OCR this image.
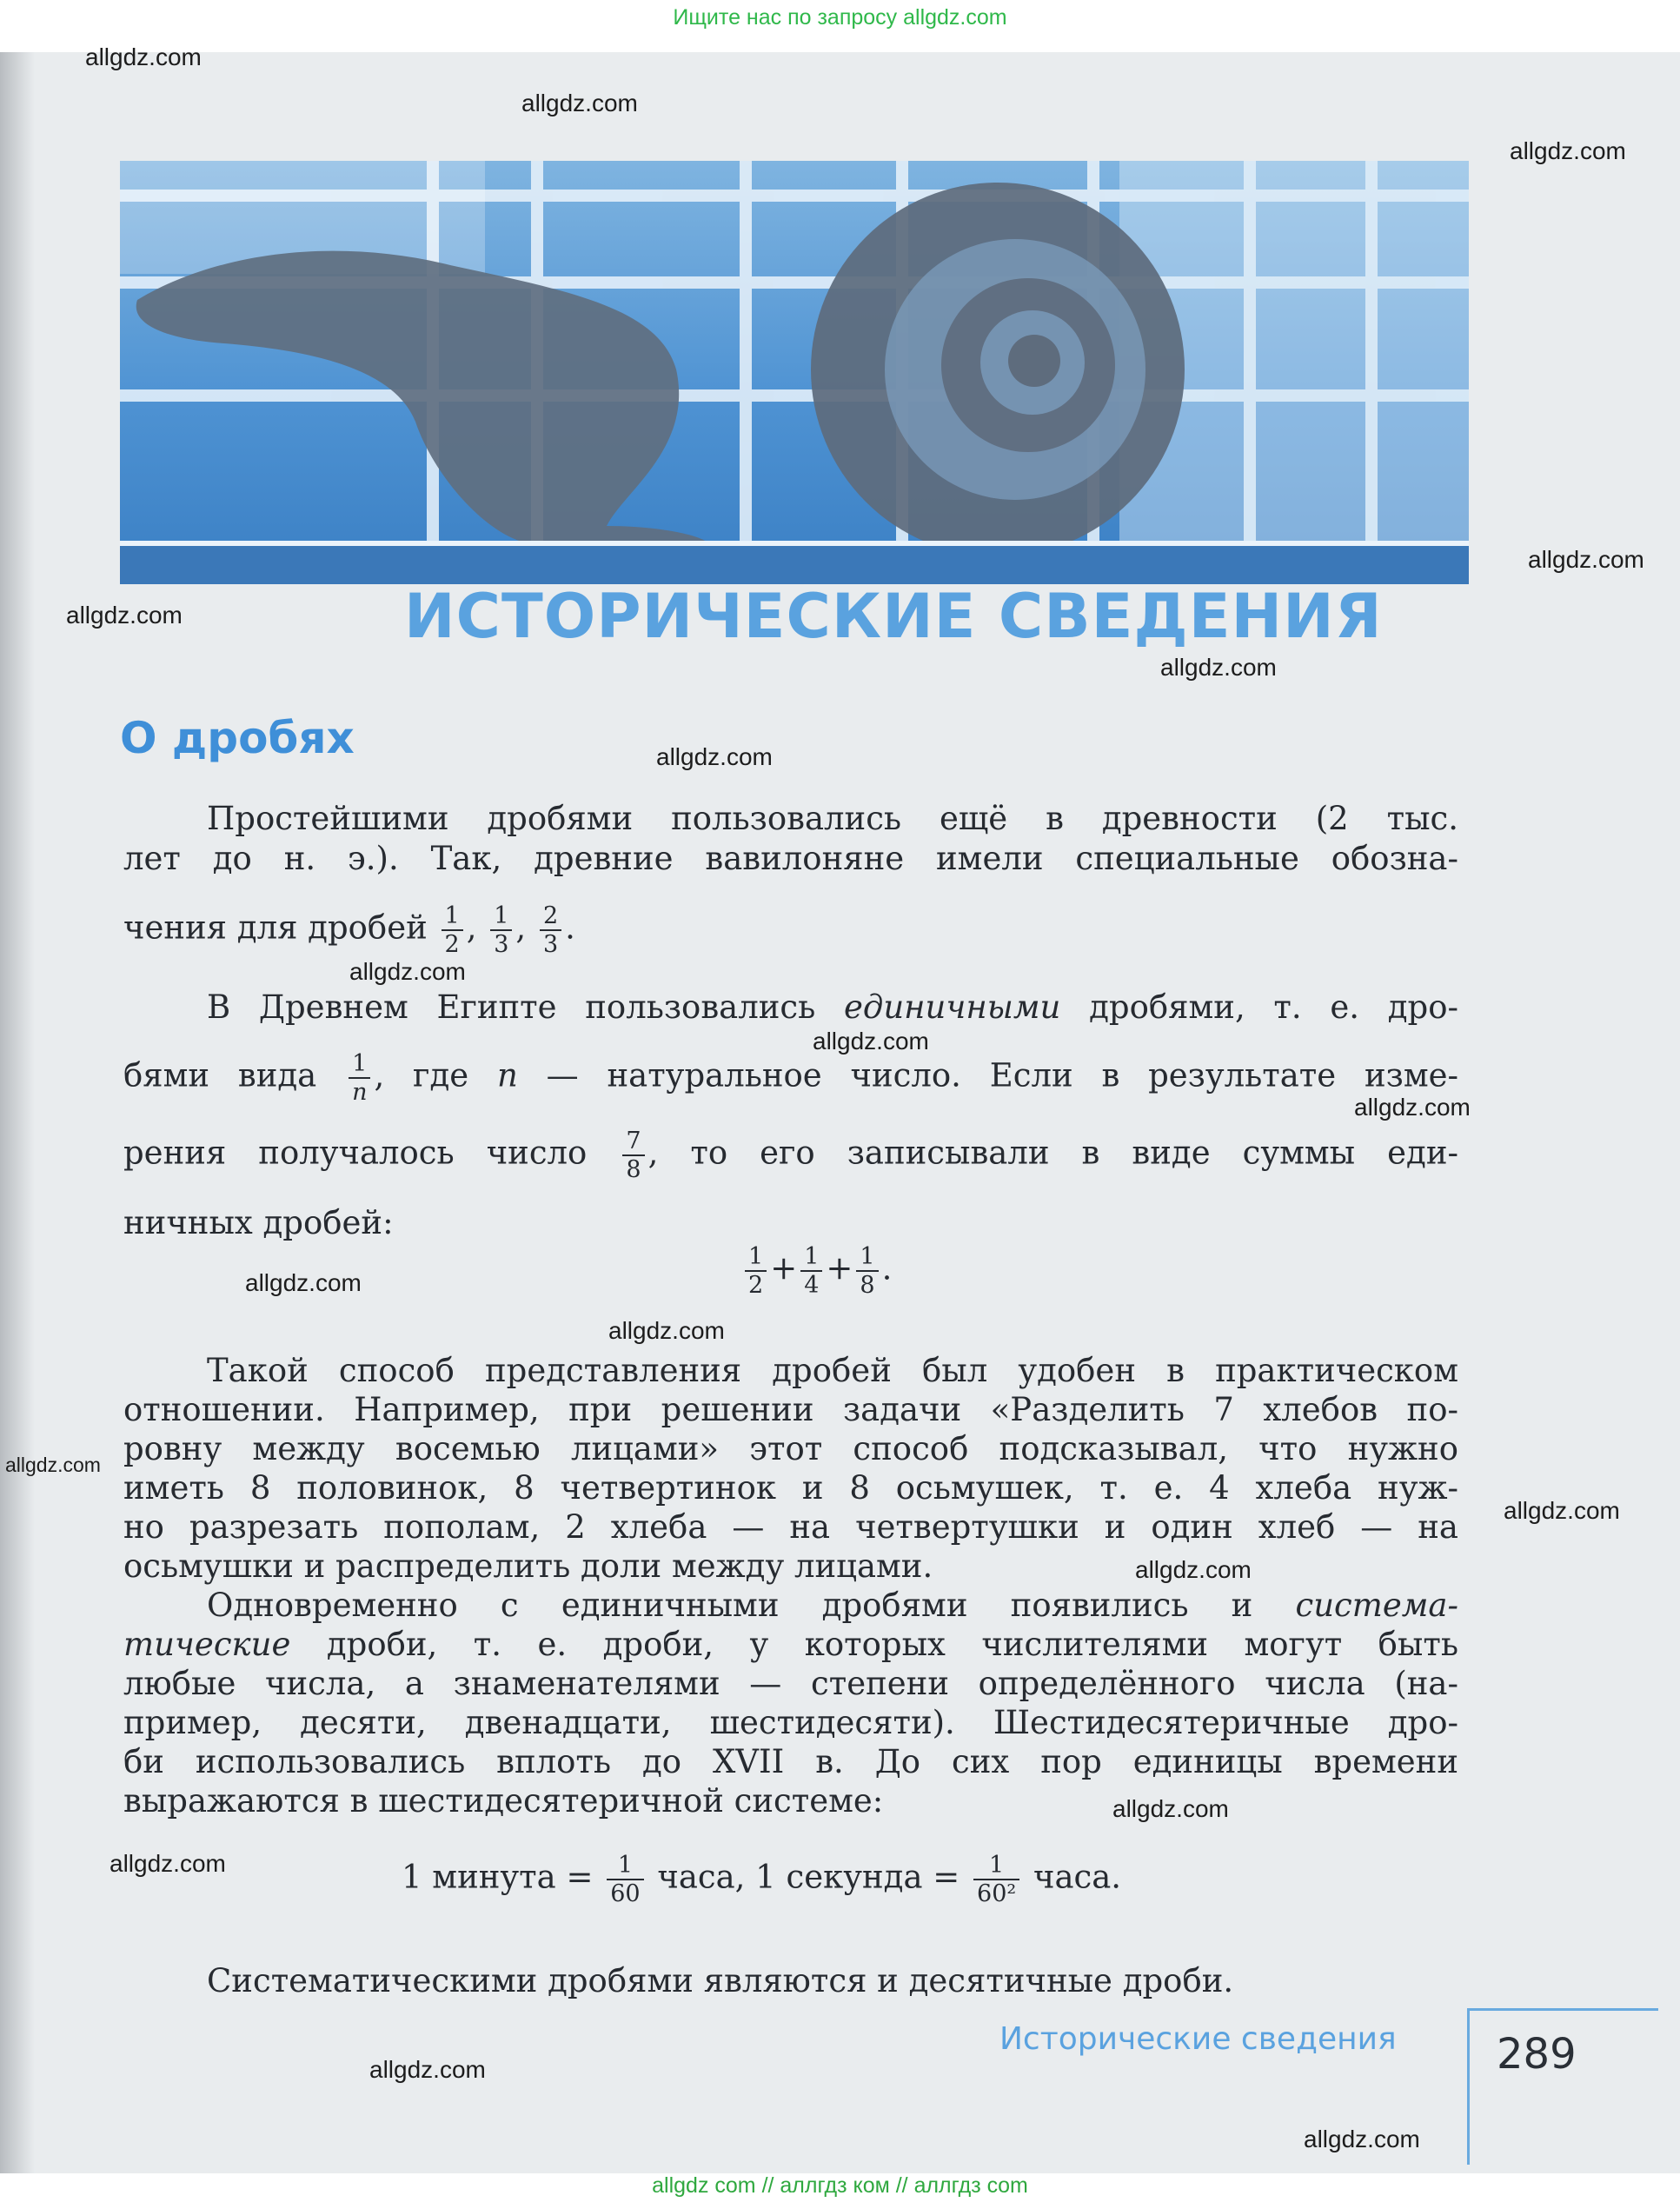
Ищите нас по запросу allgdz.com
ИСТОРИЧЕСКИЕ СВЕДЕНИЯ
О дробях
Простейшими дробями пользовались ещё в древности (2 тыс.
лет до н. э.). Так, древние вавилоняне имели специальные обозна-
чения для дробей $\frac{1}{2}$ , $\frac{1}{3}$ , $\frac{2}{3}$ .
В Древнем Египте пользовались единичными дробями, т. е. дро-
бями вида $\frac{1}{n}$ , где n — натуральное число. Если в результате изме-
рения получалось число $\frac{7}{8}$ , то его записывали в виде суммы еди-
ничных дробей:
$\frac{1}{2} + \frac{1}{4} + \frac{1}{8}$ .
Такой способ представления дробей был удобен в практическом
отношении. Например, при решении задачи «Разделить 7 хлебов по-
ровну между восемью лицами» этот способ подсказывал, что нужно
иметь 8 половинок, 8 четвертинок и 8 осьмушек, т. е. 4 хлеба нуж-
но разрезать пополам, 2 хлеба — на четвертушки и один хлеб — на
осьмушки и распределить доли между лицами.
Одновременно с единичными дробями появились и система-
тические дроби, т. е. дроби, у которых числителями могут быть
любые числа, а знаменателями — степени определённого числа (на-
пример, десяти, двенадцати, шестидесяти). Шестидесятеричные дро-
би использовались вплоть до XVII в. До сих пор единицы времени
выражаются в шестидесятеричной системе:
1 минута = $\frac{1}{60}$ часа, 1 секунда = $\frac{1}{\text{60²}}$ часа.
Систематическими дробями являются и десятичные дроби.
Исторические сведения 289
allgdz.com
allgdz.com
allgdz.com
allgdz.com
allgdz.com
allgdz.com
allgdz.com
allgdz.com
allgdz.com
allgdz.com
allgdz.com
allgdz.com
allgdz.com
allgdz.com
allgdz.com
allgdz.com
allgdz.com
allgdz.com
allgdz.com
allgdz com // аллгдз ком // аллгдз com
